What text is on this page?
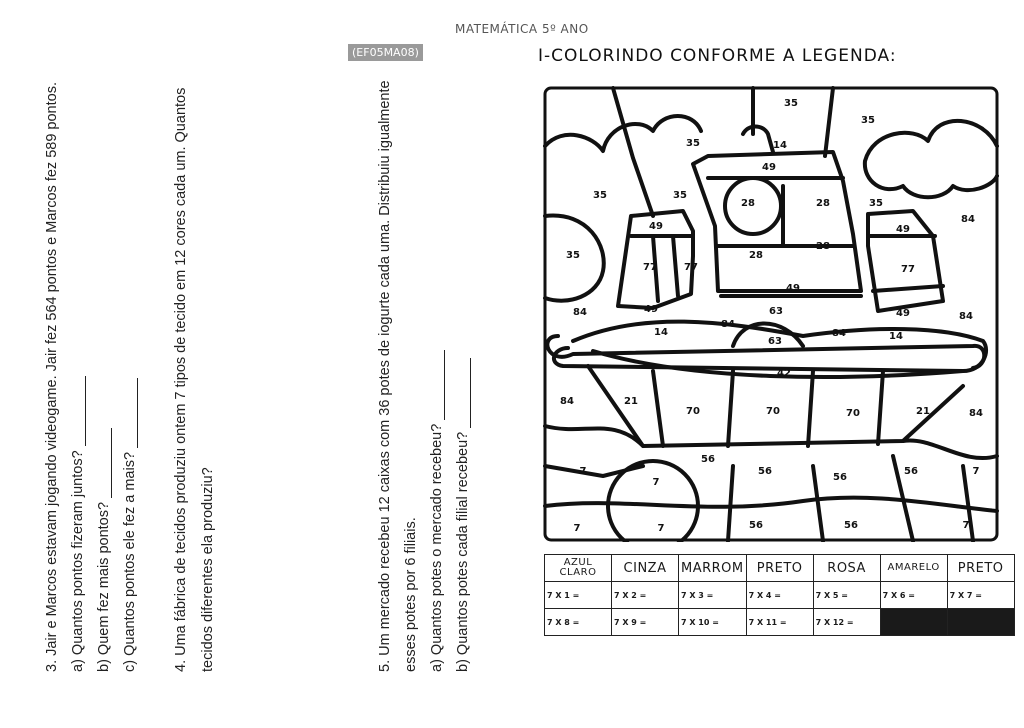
MATEMÁTICA 5º ANO
(EF05MA08)	I-COLORINDO CONFORME A LEGENDA:
3. Jair e Marcos estavam jogando videogame. Jair fez 564 pontos e Marcos fez 589 pontos. a) Quantos pontos fizeram juntos? b) Quem fez mais pontos? c) Quantos pontos ele fez a mais? 4. Uma fábrica de tecidos produziu ontem 7 tipos de tecido em 12 cores cada um. Quantos tecidos diferentes ela produziu?	5. Um mercado recebeu 12 caixas com 36 potes de iogurte cada uma. Distribuiu igualmente esses potes por 6 filiais. a) Quantos potes o mercado recebeu? b) Quantos potes cada filial recebeu?
35
35
14
35
49
35	35
28	28	35
49
84
49
28
35
77	77
28
77
49
84	49
84
63	49
14	84	14
63
84
42
84	21
70	70	70	21	84
56
7
7
56
56
56	7
7	7	56	56	7
AZUL CLARO	CINZA	MARROM	PRETO	ROSA	AMARELO	PRETO
7 X 1 =	7 X 2 =	7 X 3 =	7 X 4 =	7 X 5 =	7 X 6 =	7 X 7 =
7 X 8 =	7 X 9 =	7 X 10 =	7 X 11 =	7 X 12 =		
